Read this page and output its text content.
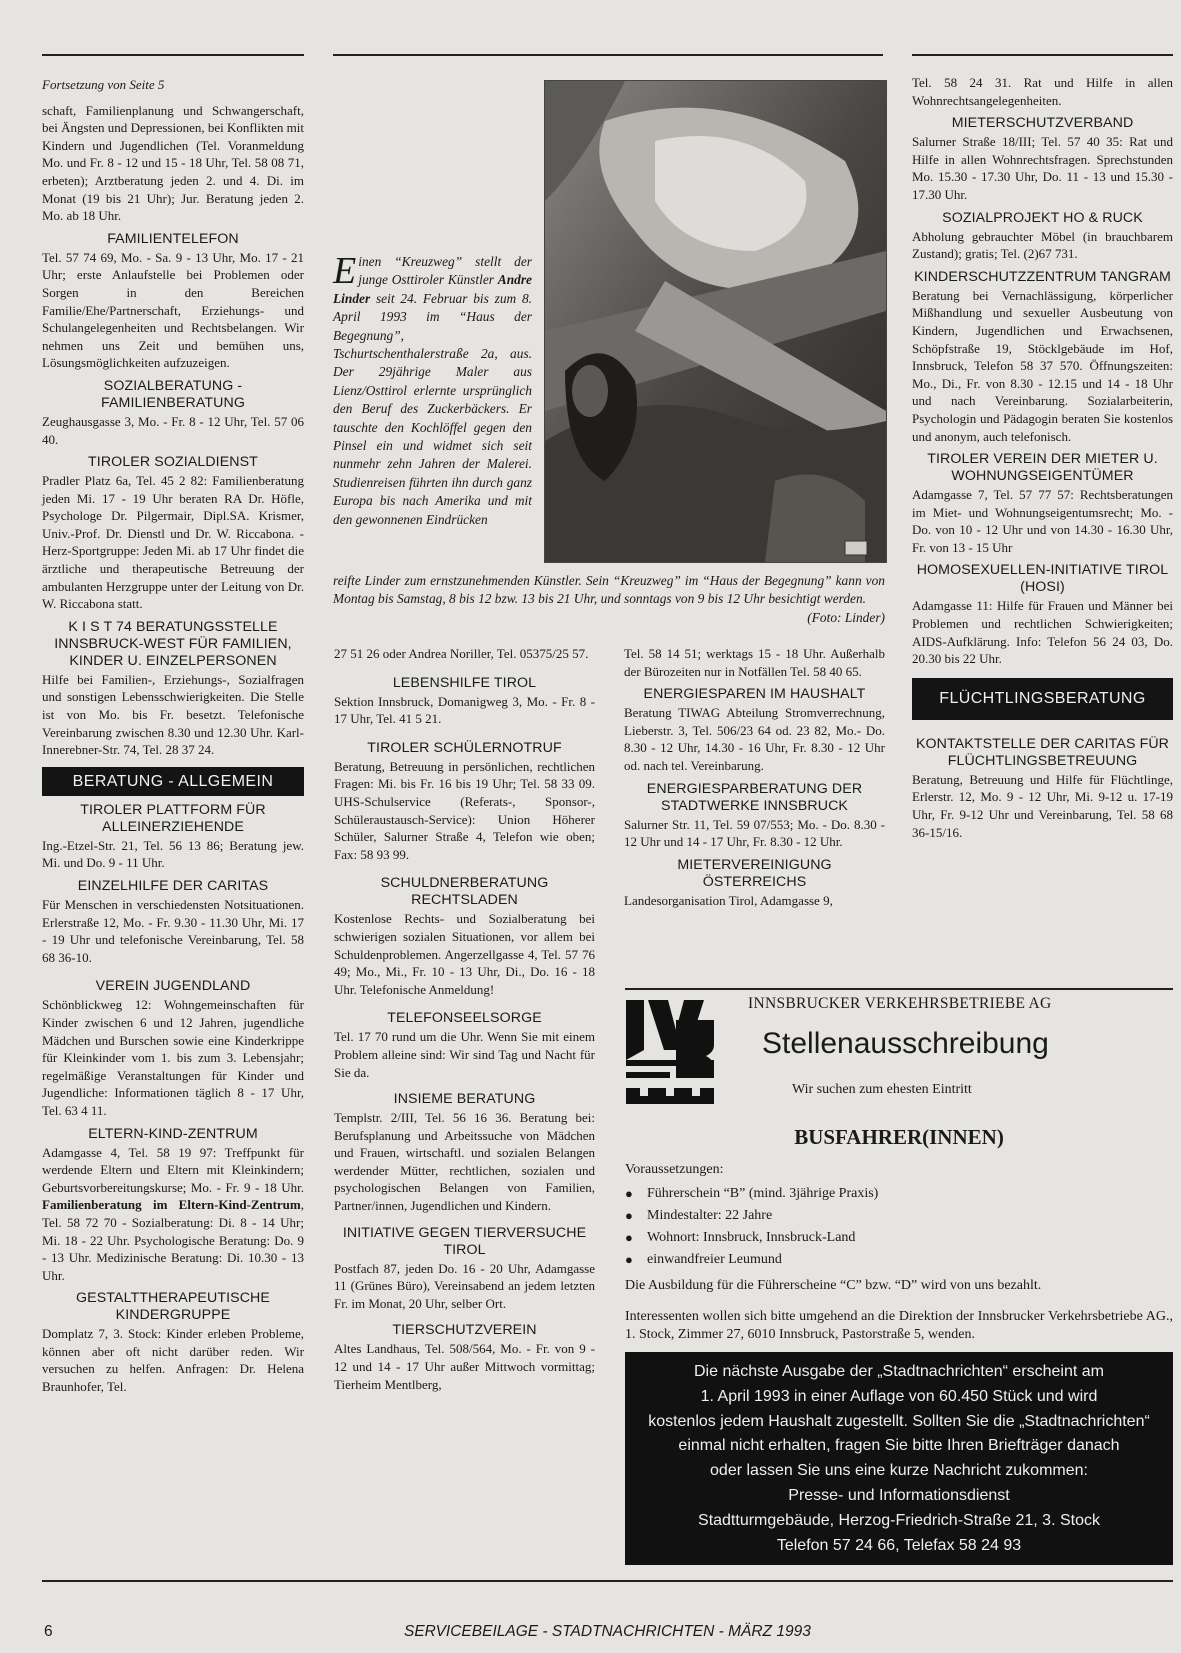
Fortsetzung von Seite 5

schaft, Familienplanung und Schwangerschaft, bei Ängsten und Depressionen, bei Konflikten mit Kindern und Jugendlichen (Tel. Voranmeldung Mo. und Fr. 8 - 12 und 15 - 18 Uhr, Tel. 58 08 71, erbeten); Arztberatung jeden 2. und 4. Di. im Monat (19 bis 21 Uhr); Jur. Beratung jeden 2. Mo. ab 18 Uhr.

FAMILIENTELEFON

Tel. 57 74 69, Mo. - Sa. 9 - 13 Uhr, Mo. 17 - 21 Uhr; erste Anlaufstelle bei Problemen oder Sorgen in den Bereichen Familie/Ehe/Partnerschaft, Erziehungs- und Schulangelegenheiten und Rechtsbelangen. Wir nehmen uns Zeit und bemühen uns, Lösungsmöglichkeiten aufzuzeigen.

SOZIALBERATUNG - FAMILIENBERATUNG

Zeughausgasse 3, Mo. - Fr. 8 - 12 Uhr, Tel. 57 06 40.

TIROLER SOZIALDIENST

Pradler Platz 6a, Tel. 45 2 82: Familienberatung jeden Mi. 17 - 19 Uhr beraten RA Dr. Höfle, Psychologe Dr. Pilgermair, Dipl.SA. Krismer, Univ.-Prof. Dr. Dienstl und Dr. W. Riccabona. - Herz-Sportgruppe: Jeden Mi. ab 17 Uhr findet die ärztliche und therapeutische Betreuung der ambulanten Herzgruppe unter der Leitung von Dr. W. Riccabona statt.

K I S T 74 BERATUNGSSTELLE INNSBRUCK-WEST FÜR FAMILIEN, KINDER U. EINZELPERSONEN

Hilfe bei Familien-, Erziehungs-, Sozialfragen und sonstigen Lebensschwierigkeiten. Die Stelle ist von Mo. bis Fr. besetzt. Telefonische Vereinbarung zwischen 8.30 und 12.30 Uhr. Karl-Innerebner-Str. 74, Tel. 28 37 24.

BERATUNG - ALLGEMEIN
TIROLER PLATTFORM FÜR ALLEINERZIEHENDE

Ing.-Etzel-Str. 21, Tel. 56 13 86; Beratung jew. Mi. und Do. 9 - 11 Uhr.

EINZELHILFE DER CARITAS

Für Menschen in verschiedensten Notsituationen. Erlerstraße 12, Mo. - Fr. 9.30 - 11.30 Uhr, Mi. 17 - 19 Uhr und telefonische Vereinbarung, Tel. 58 68 36-10.

VEREIN JUGENDLAND

Schönblickweg 12: Wohngemeinschaften für Kinder zwischen 6 und 12 Jahren, jugendliche Mädchen und Burschen sowie eine Kinderkrippe für Kleinkinder vom 1. bis zum 3. Lebensjahr; regelmäßige Veranstaltungen für Kinder und Jugendliche: Informationen täglich 8 - 17 Uhr, Tel. 63 4 11.

ELTERN-KIND-ZENTRUM

Adamgasse 4, Tel. 58 19 97: Treffpunkt für werdende Eltern und Eltern mit Kleinkindern; Geburtsvorbereitungskurse; Mo. - Fr. 9 - 18 Uhr. Familienberatung im Eltern-Kind-Zentrum, Tel. 58 72 70 - Sozialberatung: Di. 8 - 14 Uhr; Mi. 18 - 22 Uhr. Psychologische Beratung: Do. 9 - 13 Uhr. Medizinische Beratung: Di. 10.30 - 13 Uhr.

GESTALTTHERAPEUTISCHE KINDERGRUPPE

Domplatz 7, 3. Stock: Kinder erleben Probleme, können aber oft nicht darüber reden. Wir versuchen zu helfen. Anfragen: Dr. Helena Braunhofer, Tel.

Einen “Kreuzweg” stellt der junge Osttiroler Künstler Andre Linder seit 24. Februar bis zum 8. April 1993 im “Haus der Begegnung”, Tschurtschenthalerstraße 2a, aus. Der 29jährige Maler aus Lienz/Osttirol erlernte ursprünglich den Beruf des Zuckerbäckers. Er tauschte den Kochlöffel gegen den Pinsel ein und widmet sich seit nunmehr zehn Jahren der Malerei. Studienreisen führten ihn durch ganz Europa bis nach Amerika und mit den gewonnenen Eindrücken

reifte Linder zum ernstzunehmenden Künstler. Sein “Kreuzweg” im “Haus der Begegnung” kann von Montag bis Samstag, 8 bis 12 bzw. 13 bis 21 Uhr, und sonntags von 9 bis 12 Uhr besichtigt werden.
(Foto: Linder)

27 51 26 oder Andrea Noriller, Tel. 05375/25 57.

LEBENSHILFE TIROL

Sektion Innsbruck, Domanigweg 3, Mo. - Fr. 8 - 17 Uhr, Tel. 41 5 21.

TIROLER SCHÜLERNOTRUF

Beratung, Betreuung in persönlichen, rechtlichen Fragen: Mi. bis Fr. 16 bis 19 Uhr; Tel. 58 33 09. UHS-Schulservice (Referats-, Sponsor-, Schüleraustausch-Service): Union Höherer Schüler, Salurner Straße 4, Telefon wie oben; Fax: 58 93 99.

SCHULDNERBERATUNG RECHTSLADEN

Kostenlose Rechts- und Sozialberatung bei schwierigen sozialen Situationen, vor allem bei Schuldenproblemen. Angerzellgasse 4, Tel. 57 76 49; Mo., Mi., Fr. 10 - 13 Uhr, Di., Do. 16 - 18 Uhr. Telefonische Anmeldung!

TELEFONSEELSORGE

Tel. 17 70 rund um die Uhr. Wenn Sie mit einem Problem alleine sind: Wir sind Tag und Nacht für Sie da.

INSIEME BERATUNG

Templstr. 2/III, Tel. 56 16 36. Beratung bei: Berufsplanung und Arbeitssuche von Mädchen und Frauen, wirtschaftl. und sozialen Belangen werdender Mütter, rechtlichen, sozialen und psychologischen Belangen von Familien, Partner/innen, Jugendlichen und Kindern.

INITIATIVE GEGEN TIERVERSUCHE TIROL

Postfach 87, jeden Do. 16 - 20 Uhr, Adamgasse 11 (Grünes Büro), Vereinsabend an jedem letzten Fr. im Monat, 20 Uhr, selber Ort.

TIERSCHUTZVEREIN

Altes Landhaus, Tel. 508/564, Mo. - Fr. von 9 - 12 und 14 - 17 Uhr außer Mittwoch vormittag; Tierheim Mentlberg,

Tel. 58 14 51; werktags 15 - 18 Uhr. Außerhalb der Bürozeiten nur in Notfällen Tel. 58 40 65.

ENERGIESPAREN IM HAUSHALT

Beratung TIWAG Abteilung Stromverrechnung, Lieberstr. 3, Tel. 506/23 64 od. 23 82, Mo.- Do. 8.30 - 12 Uhr, 14.30 - 16 Uhr, Fr. 8.30 - 12 Uhr od. nach tel. Vereinbarung.

ENERGIESPARBERATUNG DER STADTWERKE INNSBRUCK

Salurner Str. 11, Tel. 59 07/553; Mo. - Do. 8.30 - 12 Uhr und 14 - 17 Uhr, Fr. 8.30 - 12 Uhr.

MIETERVEREINIGUNG ÖSTERREICHS

Landesorganisation Tirol, Adamgasse 9,

Tel. 58 24 31. Rat und Hilfe in allen Wohnrechtsangelegenheiten.

MIETERSCHUTZVERBAND

Salurner Straße 18/III; Tel. 57 40 35: Rat und Hilfe in allen Wohnrechtsfragen. Sprechstunden Mo. 15.30 - 17.30 Uhr, Do. 11 - 13 und 15.30 - 17.30 Uhr.

SOZIALPROJEKT HO & RUCK

Abholung gebrauchter Möbel (in brauchbarem Zustand); gratis; Tel. (2)67 731.

KINDERSCHUTZZENTRUM TANGRAM

Beratung bei Vernachlässigung, körperlicher Mißhandlung und sexueller Ausbeutung von Kindern, Jugendlichen und Erwachsenen, Schöpfstraße 19, Stöcklgebäude im Hof, Innsbruck, Telefon 58 37 570. Öffnungszeiten: Mo., Di., Fr. von 8.30 - 12.15 und 14 - 18 Uhr und nach Vereinbarung. Sozialarbeiterin, Psychologin und Pädagogin beraten Sie kostenlos und anonym, auch telefonisch.

TIROLER VEREIN DER MIETER U. WOHNUNGSEIGENTÜMER

Adamgasse 7, Tel. 57 77 57: Rechtsberatungen im Miet- und Wohnungseigentumsrecht; Mo. - Do. von 10 - 12 Uhr und von 14.30 - 16.30 Uhr, Fr. von 13 - 15 Uhr

HOMOSEXUELLEN-INITIATIVE TIROL (HOSI)

Adamgasse 11: Hilfe für Frauen und Männer bei Problemen und rechtlichen Schwierigkeiten; AIDS-Aufklärung. Info: Telefon 56 24 03, Do. 20.30 bis 22 Uhr.

FLÜCHTLINGSBERATUNG
KONTAKTSTELLE DER CARITAS FÜR FLÜCHTLINGSBETREUUNG

Beratung, Betreuung und Hilfe für Flüchtlinge, Erlerstr. 12, Mo. 9 - 12 Uhr, Mi. 9-12 u. 17-19 Uhr, Fr. 9-12 Uhr und Vereinbarung, Tel. 58 68 36-15/16.

INNSBRUCKER VERKEHRSBETRIEBE AG
Stellenausschreibung
Wir suchen zum ehesten Eintritt
BUSFAHRER(INNEN)

Voraussetzungen:

● Führerschein “B” (mind. 3jährige Praxis)
● Mindestalter: 22 Jahre
● Wohnort: Innsbruck, Innsbruck-Land
● einwandfreier Leumund

Die Ausbildung für die Führerscheine “C” bzw. “D” wird von uns bezahlt.

Interessenten wollen sich bitte umgehend an die Direktion der Innsbrucker Verkehrsbetriebe AG., 1. Stock, Zimmer 27, 6010 Innsbruck, Pastorstraße 5, wenden.

Die nächste Ausgabe der „Stadtnachrichten“ erscheint am
1. April 1993 in einer Auflage von 60.450 Stück und wird
kostenlos jedem Haushalt zugestellt. Sollten Sie die „Stadtnachrichten“
einmal nicht erhalten, fragen Sie bitte Ihren Briefträger danach
oder lassen Sie uns eine kurze Nachricht zukommen:
Presse- und Informationsdienst
Stadtturmgebäude, Herzog-Friedrich-Straße 21, 3. Stock
Telefon 57 24 66, Telefax 58 24 93
6	SERVICEBEILAGE - STADTNACHRICHTEN - MÄRZ 1993
